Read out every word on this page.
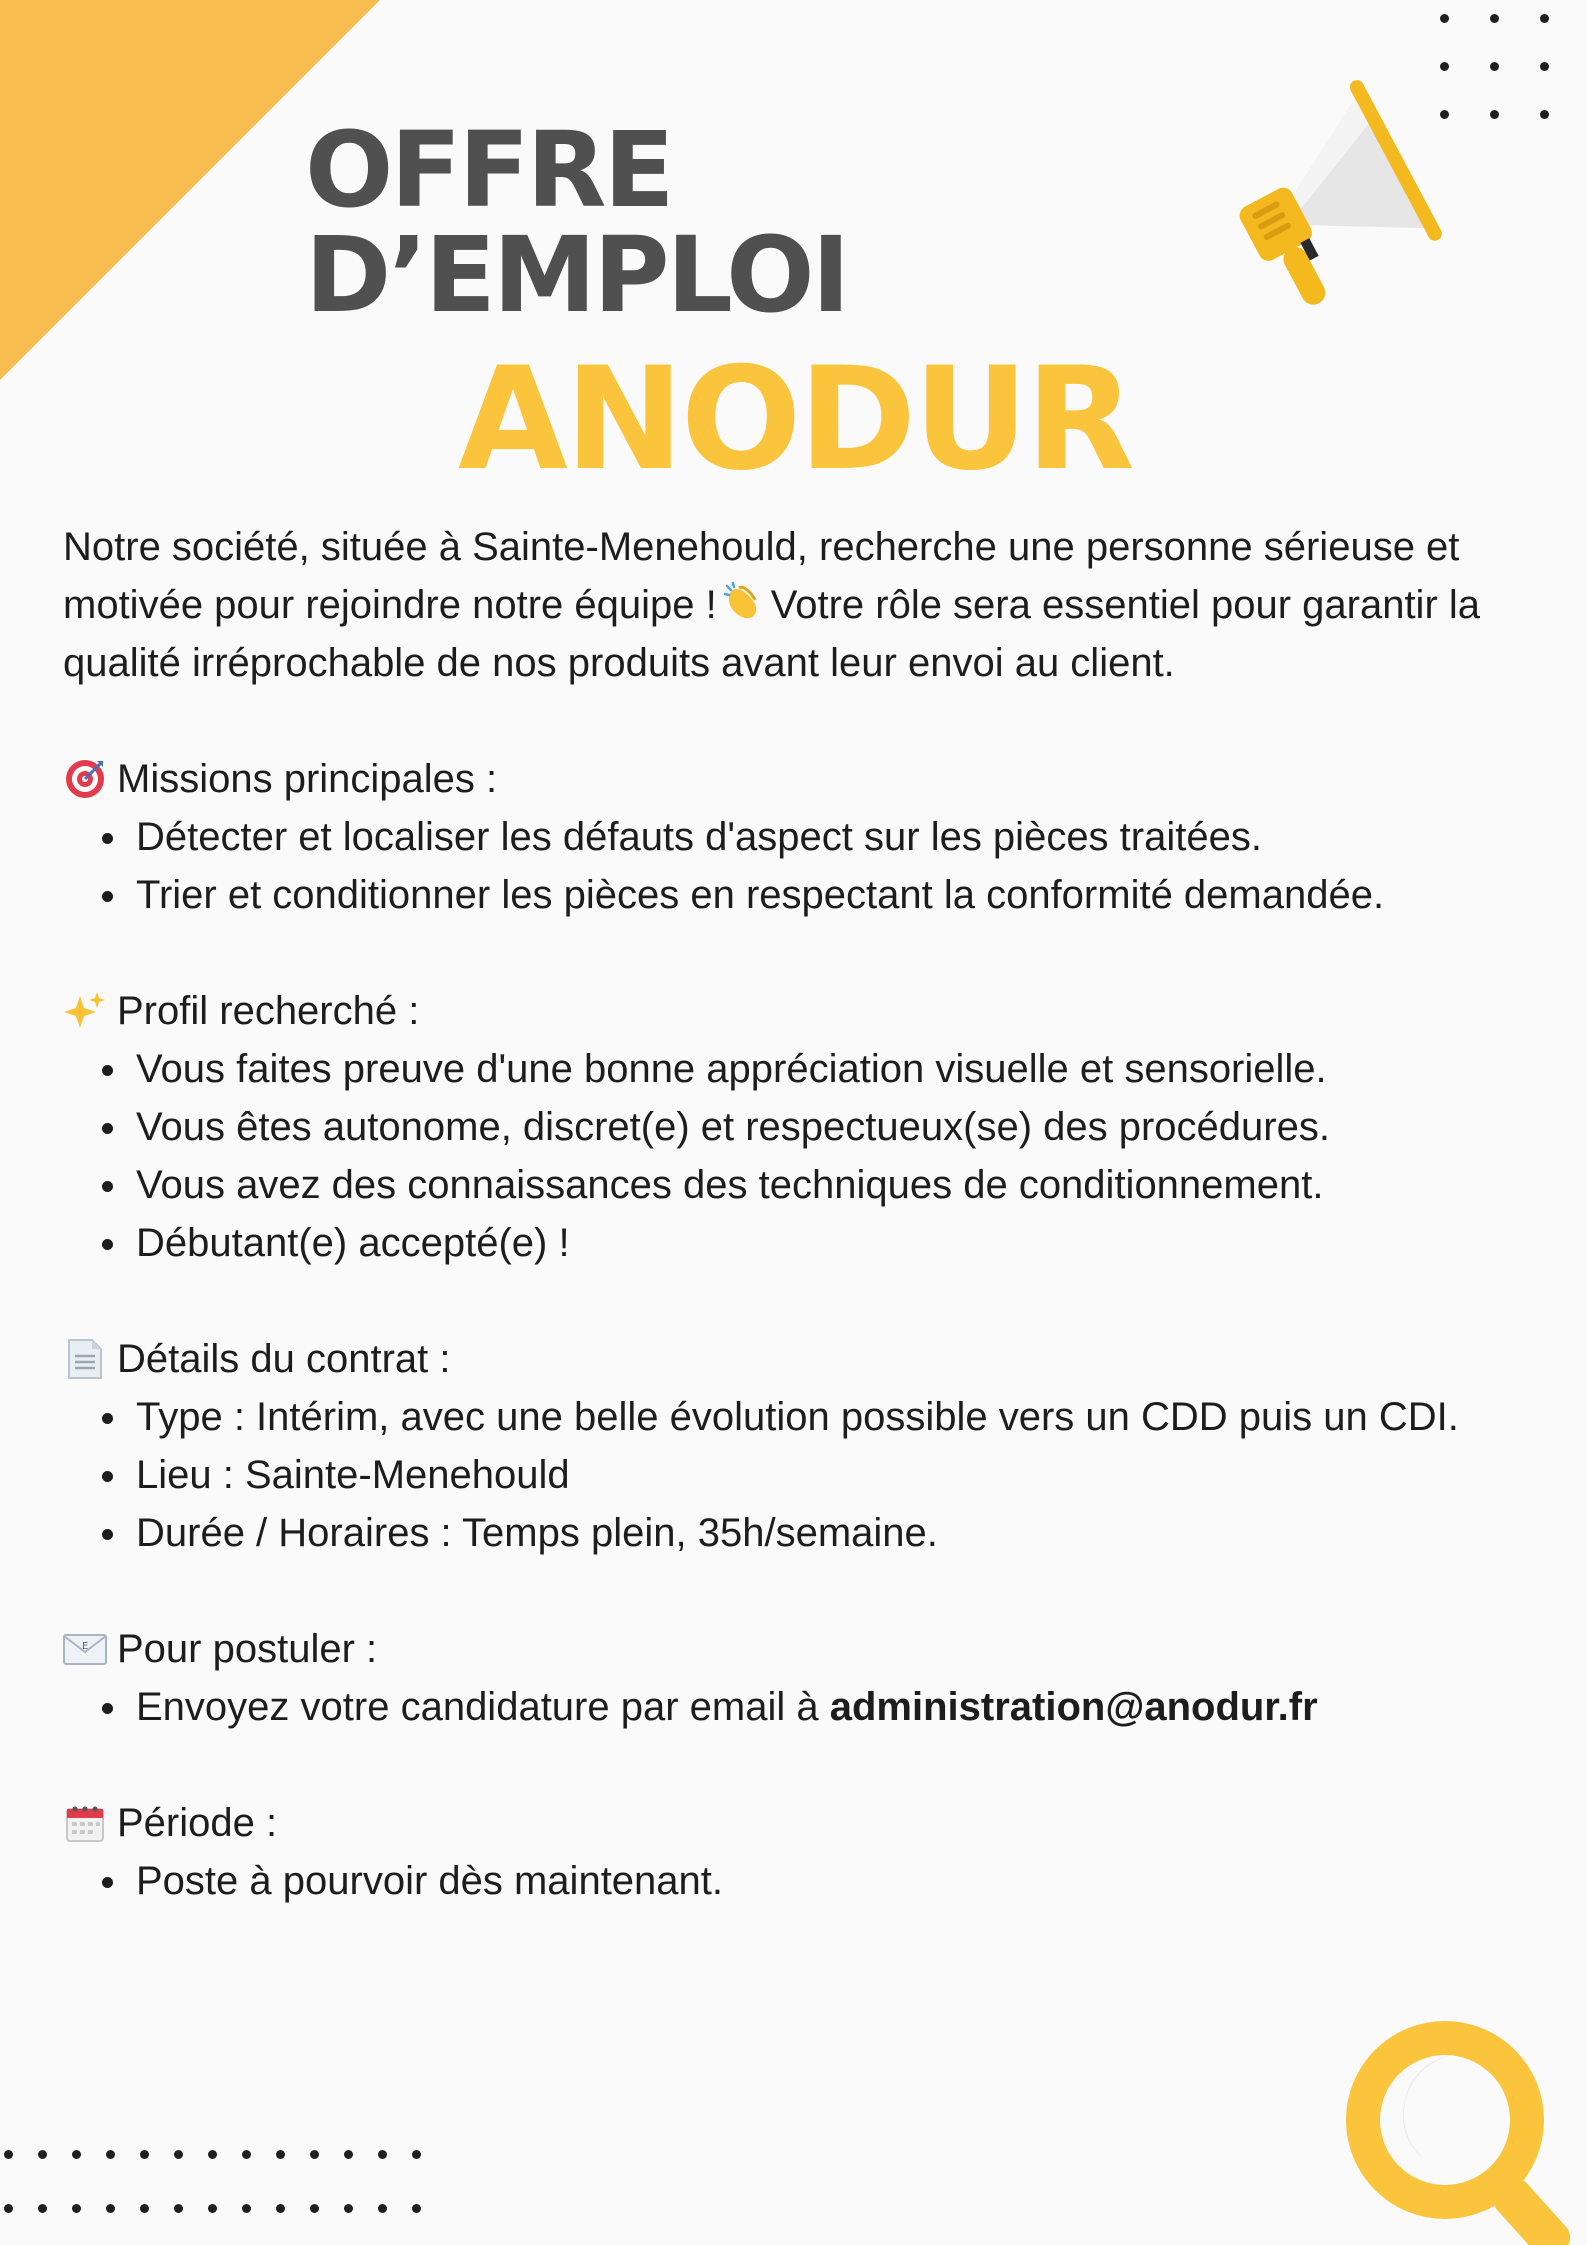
OFFRE
D’EMPLOI
ANODUR

Notre société, située à Sainte-Menehould, recherche une personne sérieuse et motivée pour rejoindre notre équipe ! Votre rôle sera essentiel pour garantir la qualité irréprochable de nos produits avant leur envoi au client.

Missions principales :
Détecter et localiser les défauts d'aspect sur les pièces traitées.
Trier et conditionner les pièces en respectant la conformité demandée.
Profil recherché :
Vous faites preuve d'une bonne appréciation visuelle et sensorielle.
Vous êtes autonome, discret(e) et respectueux(se) des procédures.
Vous avez des connaissances des techniques de conditionnement.
Débutant(e) accepté(e) !
Détails du contrat :
Type : Intérim, avec une belle évolution possible vers un CDD puis un CDI.
Lieu : Sainte-Menehould
Durée / Horaires : Temps plein, 35h/semaine.
E Pour postuler :
Envoyez votre candidature par email à administration@anodur.fr
Période :
Poste à pourvoir dès maintenant.
